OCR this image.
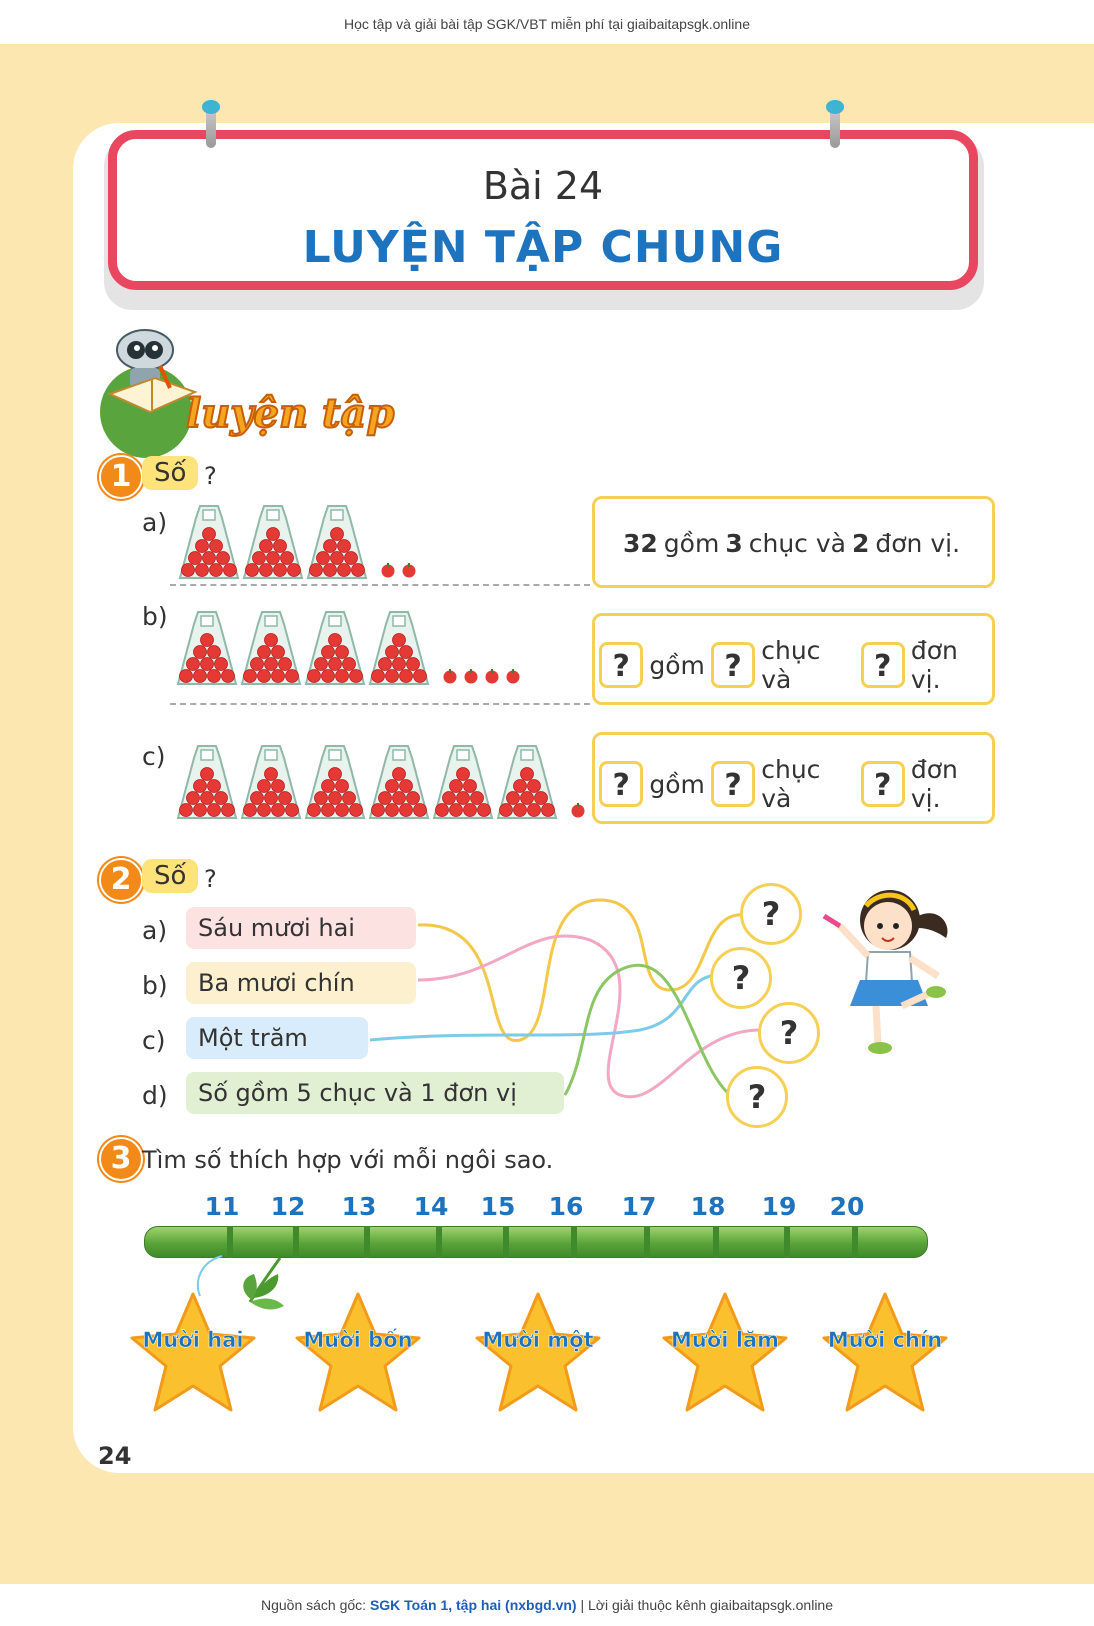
Học tập và giải bài tập SGK/VBT miễn phí tại giaibaitapsgk.online
Bài 24
LUYỆN TẬP CHUNG
luyện tập
1 Số ?
a)
b)
c)
32 gồm 3 chục và 2 đơn vị.
? gồm ? chục và	? đơn vị.
? gồm ? chục và	? đơn vị.
2 Số ?
a)
b)
c)
d)
Sáu mươi hai
Ba mươi chín
Một trăm
Số gồm 5 chục và 1 đơn vị
?
?
?
?
3 Tìm số thích hợp với mỗi ngôi sao.
11 12 13 14 15 16 17 18 19 20
Mười hai	Mười bốn	Mười một	Mười lăm	Mười chín
24
Nguồn sách gốc: SGK Toán 1, tập hai (nxbgd.vn) | Lời giải thuộc kênh giaibaitapsgk.online
